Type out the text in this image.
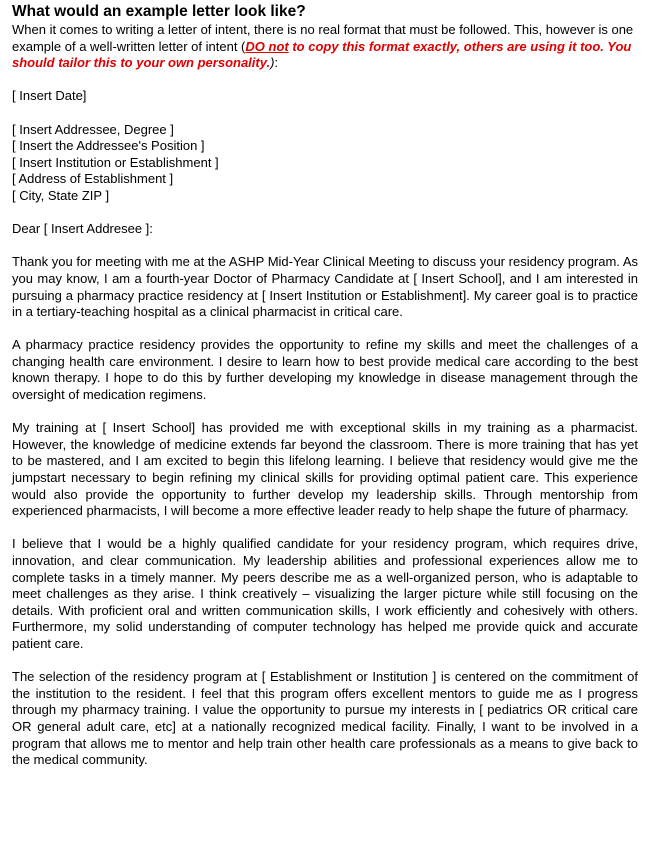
What would an example letter look like?

When it comes to writing a letter of intent, there is no real format that must be followed. This, however is one example of a well-written letter of intent (DO not to copy this format exactly, others are using it too. You should tailor this to your own personality.):

[ Insert Date]

[ Insert Addressee, Degree ]

[ Insert the Addressee's Position ]

[ Insert Institution or Establishment ]

[ Address of Establishment ]

[ City, State ZIP ]

Dear [ Insert Addresee ]:

Thank you for meeting with me at the ASHP Mid-Year Clinical Meeting to discuss your residency program. As you may know, I am a fourth-year Doctor of Pharmacy Candidate at [ Insert School], and I am interested in pursuing a pharmacy practice residency at [ Insert Institution or Establishment]. My career goal is to practice in a tertiary-teaching hospital as a clinical pharmacist in critical care.

A pharmacy practice residency provides the opportunity to refine my skills and meet the challenges of a changing health care environment. I desire to learn how to best provide medical care according to the best known therapy. I hope to do this by further developing my knowledge in disease management through the oversight of medication regimens.

My training at [ Insert School] has provided me with exceptional skills in my training as a pharmacist. However, the knowledge of medicine extends far beyond the classroom. There is more training that has yet to be mastered, and I am excited to begin this lifelong learning. I believe that residency would give me the jumpstart necessary to begin refining my clinical skills for providing optimal patient care. This experience would also provide the opportunity to further develop my leadership skills. Through mentorship from experienced pharmacists, I will become a more effective leader ready to help shape the future of pharmacy.

I believe that I would be a highly qualified candidate for your residency program, which requires drive, innovation, and clear communication. My leadership abilities and professional experiences allow me to complete tasks in a timely manner. My peers describe me as a well-organized person, who is adaptable to meet challenges as they arise. I think creatively – visualizing the larger picture while still focusing on the details. With proficient oral and written communication skills, I work efficiently and cohesively with others. Furthermore, my solid understanding of computer technology has helped me provide quick and accurate patient care.

The selection of the residency program at [ Establishment or Institution ] is centered on the commitment of the institution to the resident. I feel that this program offers excellent mentors to guide me as I progress through my pharmacy training. I value the opportunity to pursue my interests in [ pediatrics OR critical care OR general adult care, etc] at a nationally recognized medical facility. Finally, I want to be involved in a program that allows me to mentor and help train other health care professionals as a means to give back to the medical community.
